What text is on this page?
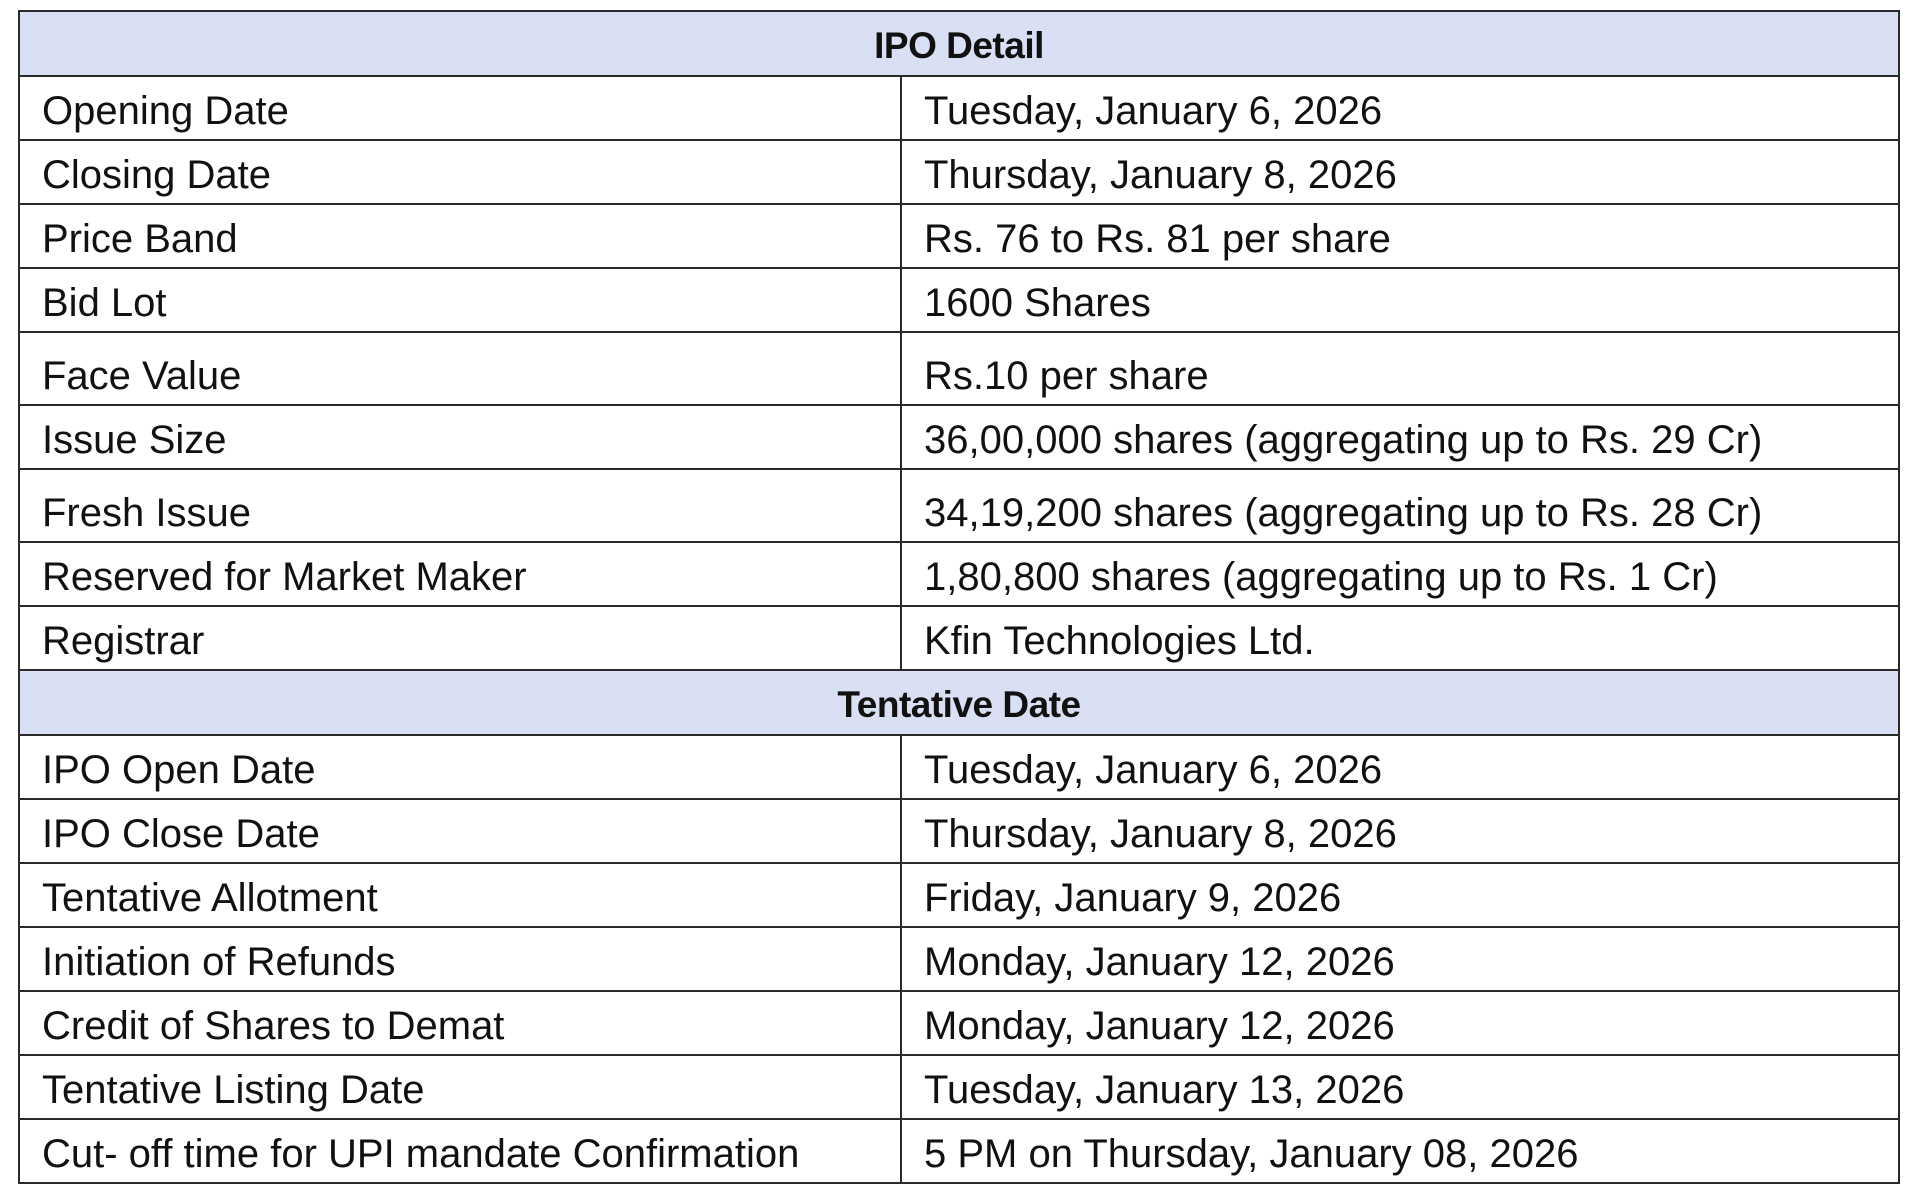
IPO Detail	
Opening Date	Tuesday, January 6, 2026
Closing Date	Thursday, January 8, 2026
Price Band	Rs. 76 to Rs. 81 per share
Bid Lot	1600 Shares
Face Value	Rs.10 per share
Issue Size	36,00,000 shares (aggregating up to Rs. 29 Cr)
Fresh Issue	34,19,200 shares (aggregating up to Rs. 28 Cr)
Reserved for Market Maker	1,80,800 shares (aggregating up to Rs. 1 Cr)
Registrar	Kfin Technologies Ltd.
Tentative Date	
IPO Open Date	Tuesday, January 6, 2026
IPO Close Date	Thursday, January 8, 2026
Tentative Allotment	Friday, January 9, 2026
Initiation of Refunds	Monday, January 12, 2026
Credit of Shares to Demat	Monday, January 12, 2026
Tentative Listing Date	Tuesday, January 13, 2026
Cut- off time for UPI mandate Confirmation	5 PM on Thursday, January 08, 2026
